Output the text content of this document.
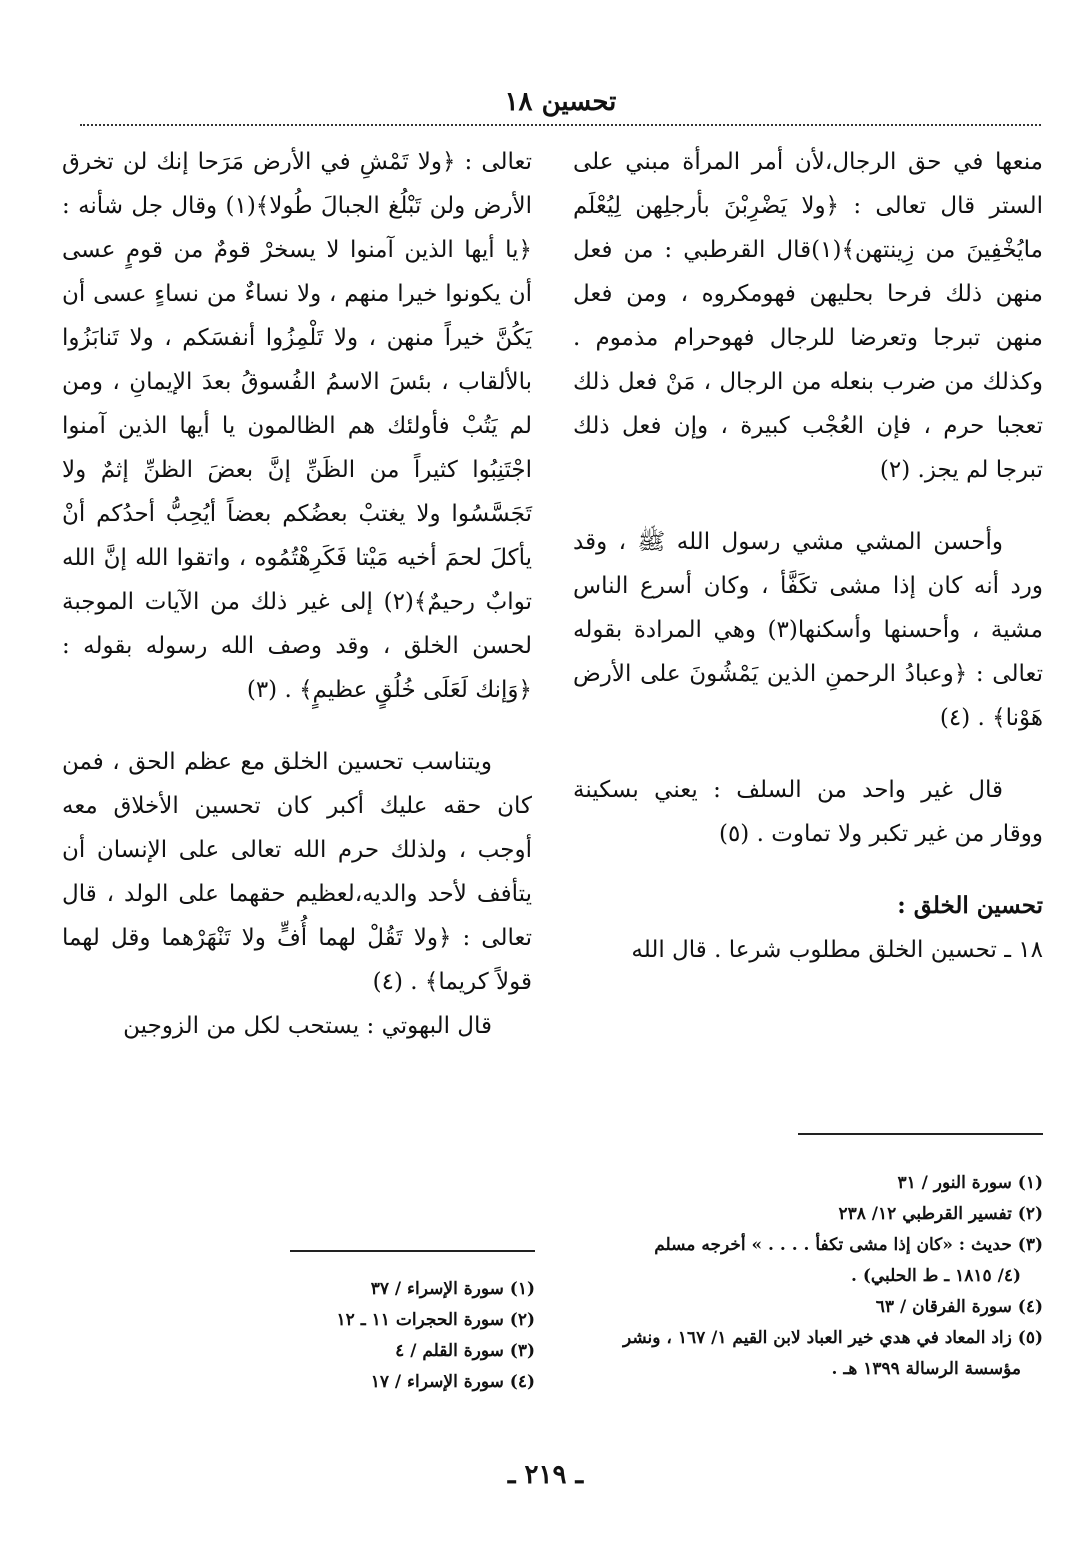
تحسين ١٨

منعها في حق الرجال،لأن أمر المرأة مبني على الستر قال تعالى : ﴿ولا يَضْرِبْنَ بأرجلِهن لِيُعْلَم مايُخْفِينَ من زِينتهن﴾(١)قال القرطبي : من فعل منهن ذلك فرحا بحليهن فهومكروه ، ومن فعل منهن تبرجا وتعرضا للرجال فهوحرام مذموم . وكذلك من ضرب بنعله من الرجال ، مَنْ فعل ذلك تعجبا حرم ، فإن العُجْب كبيرة ، وإن فعل ذلك تبرجا لم يجز. (٢)

وأحسن المشي مشي رسول الله ﷺ ، وقد ورد أنه كان إذا مشى تكَفَّأ ، وكان أسرع الناس مشية ، وأحسنها وأسكنها(٣) وهي المرادة بقوله تعالى : ﴿وعبادُ الرحمنِ الذين يَمْشُونَ على الأرض هَوْنا﴾ . (٤)

قال غير واحد من السلف : يعني بسكينة ووقار من غير تكبر ولا تماوت . (٥)

تحسين الخلق :

١٨ ـ تحسين الخلق مطلوب شرعا . قال الله

تعالى : ﴿ولا تَمْشِ في الأرض مَرَحا إنك لن تخرق الأرض ولن تَبْلُغ الجبالَ طُولا﴾(١) وقال جل شأنه : ﴿يا أيها الذين آمنوا لا يسخرْ قومٌ من قومٍ عسى أن يكونوا خيرا منهم ، ولا نساءٌ من نساءٍ عسى أن يَكُنَّ خيراً منهن ، ولا تَلْمِزُوا أنفسَكم ، ولا تَنابَزُوا بالألقاب ، بئسَ الاسمُ الفُسوقُ بعدَ الإيمانِ ، ومن لم يَتُبْ فأولئك هم الظالمون يا أيها الذين آمنوا اجْتَنِبُوا كثيراً من الظَنِّ إنَّ بعضَ الظنِّ إثمٌ ولا تَجَسَّسُوا ولا يغتبْ بعضُكم بعضاً أيُحِبُّ أحدُكم أنْ يأكلَ لحمَ أخيه مَيْتا فَكَرِهْتُمُوه ، واتقوا الله إنَّ الله توابٌ رحيمٌ﴾(٢) إلى غير ذلك من الآيات الموجبة لحسن الخلق ، وقد وصف الله رسوله بقوله : ﴿وَإنك لَعَلَى خُلُقٍ عظيمٍ﴾ . (٣)

ويتناسب تحسين الخلق مع عظم الحق ، فمن كان حقه عليك أكبر كان تحسين الأخلاق معه أوجب ، ولذلك حرم الله تعالى على الإنسان أن يتأفف لأحد والديه،لعظيم حقهما على الولد ، قال تعالى : ﴿ولا تَقُلْ لهما أُفٍّ ولا تَنْهَرْهما وقل لهما قولاً كريما﴾ . (٤)

قال البهوتي : يستحب لكل من الزوجين

(١) سورة النور / ٣١
(٢) تفسير القرطبي ١٢/ ٢٣٨
(٣) حديث : «كان إذا مشى تكفأ . . . . » أخرجه مسلم
(٤/ ١٨١٥ ـ ط الحلبي) .
(٤) سورة الفرقان / ٦٣
(٥) زاد المعاد في هدي خير العباد لابن القيم ١/ ١٦٧ ، ونشر
مؤسسة الرسالة ١٣٩٩ هـ .
(١) سورة الإسراء / ٣٧
(٢) سورة الحجرات ١١ ـ ١٢
(٣) سورة القلم / ٤
(٤) سورة الإسراء / ١٧
ـ ٢١٩ ـ
